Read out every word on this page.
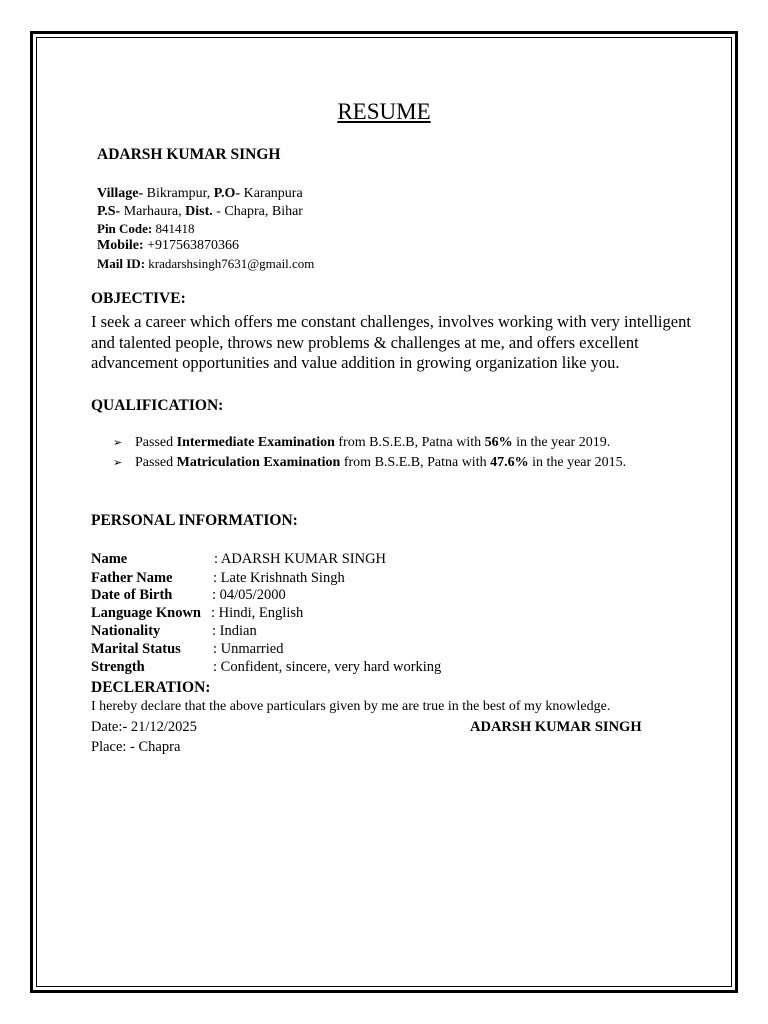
RESUME
ADARSH KUMAR SINGH
Village- Bikrampur, P.O- Karanpura
P.S- Marhaura, Dist. - Chapra, Bihar
Pin Code: 841418
Mobile: +917563870366
Mail ID: kradarshsingh7631@gmail.com
OBJECTIVE:
I seek a career which offers me constant challenges, involves working with very intelligent and talented people, throws new problems & challenges at me, and offers excellent advancement opportunities and value addition in growing organization like you.
QUALIFICATION:
➢ Passed Intermediate Examination from B.S.E.B, Patna with 56% in the year 2019.
➢ Passed Matriculation Examination from B.S.E.B, Patna with 47.6% in the year 2015.
PERSONAL INFORMATION:
Name	: ADARSH KUMAR SINGH
Father Name	: Late Krishnath Singh
Date of Birth	: 04/05/2000
Language Known : Hindi, English
Nationality	: Indian
Marital Status : Unmarried
Strength	: Confident, sincere, very hard working
DECLERATION:
I hereby declare that the above particulars given by me are true in the best of my knowledge.
Date:- 21/12/2025	ADARSH KUMAR SINGH
Place: - Chapra
